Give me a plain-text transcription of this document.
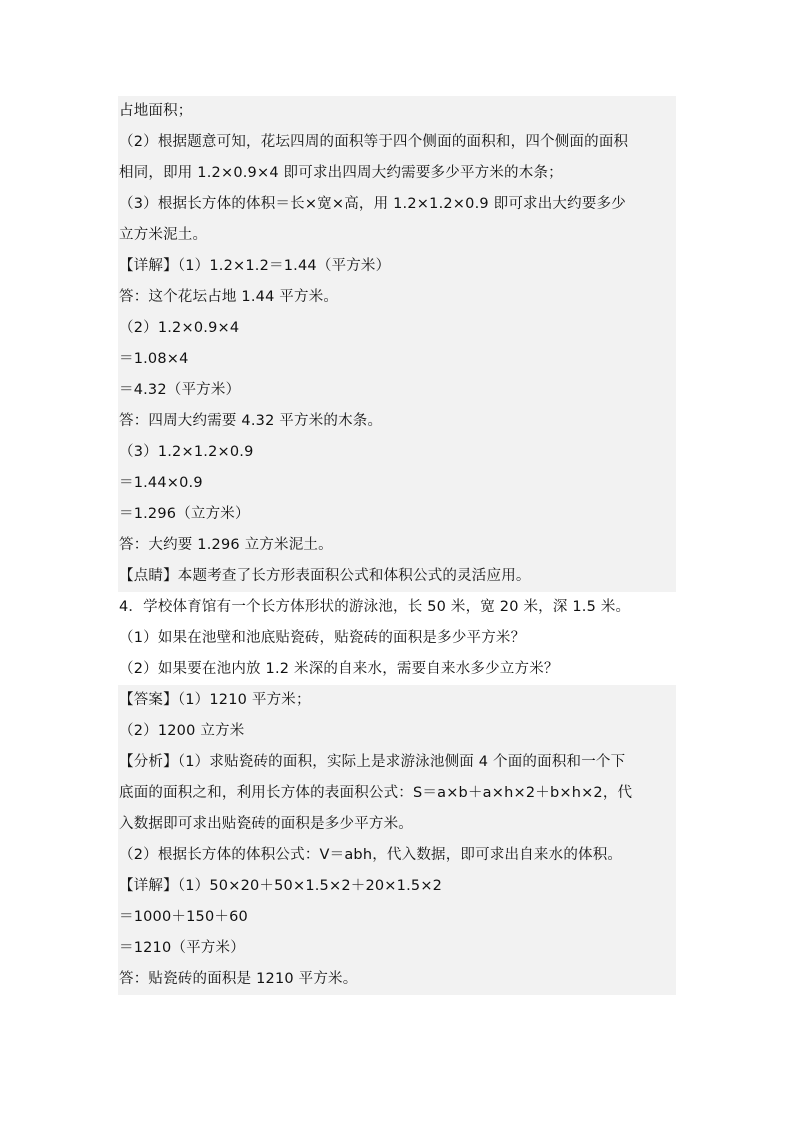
占地面积；
（2）根据题意可知，花坛四周的面积等于四个侧面的面积和，四个侧面的面积
相同，即用 1.2×0.9×4 即可求出四周大约需要多少平方米的木条；
（3）根据长方体的体积＝长×宽×高，用 1.2×1.2×0.9 即可求出大约要多少
立方米泥土。
【详解】（1）1.2×1.2＝1.44（平方米）
答：这个花坛占地 1.44 平方米。
（2）1.2×0.9×4
＝1.08×4
＝4.32（平方米）
答：四周大约需要 4.32 平方米的木条。
（3）1.2×1.2×0.9
＝1.44×0.9
＝1.296（立方米）
答：大约要 1.296 立方米泥土。
【点睛】本题考查了长方形表面积公式和体积公式的灵活应用。
4．学校体育馆有一个长方体形状的游泳池，长 50 米，宽 20 米，深 1.5 米。
（1）如果在池壁和池底贴瓷砖，贴瓷砖的面积是多少平方米？
（2）如果要在池内放 1.2 米深的自来水，需要自来水多少立方米？
【答案】（1）1210 平方米；
（2）1200 立方米
【分析】（1）求贴瓷砖的面积，实际上是求游泳池侧面 4 个面的面积和一个下
底面的面积之和，利用长方体的表面积公式：S＝a×b＋a×h×2＋b×h×2，代
入数据即可求出贴瓷砖的面积是多少平方米。
（2）根据长方体的体积公式：V＝abh，代入数据，即可求出自来水的体积。
【详解】（1）50×20＋50×1.5×2＋20×1.5×2
＝1000＋150＋60
＝1210（平方米）
答：贴瓷砖的面积是 1210 平方米。
